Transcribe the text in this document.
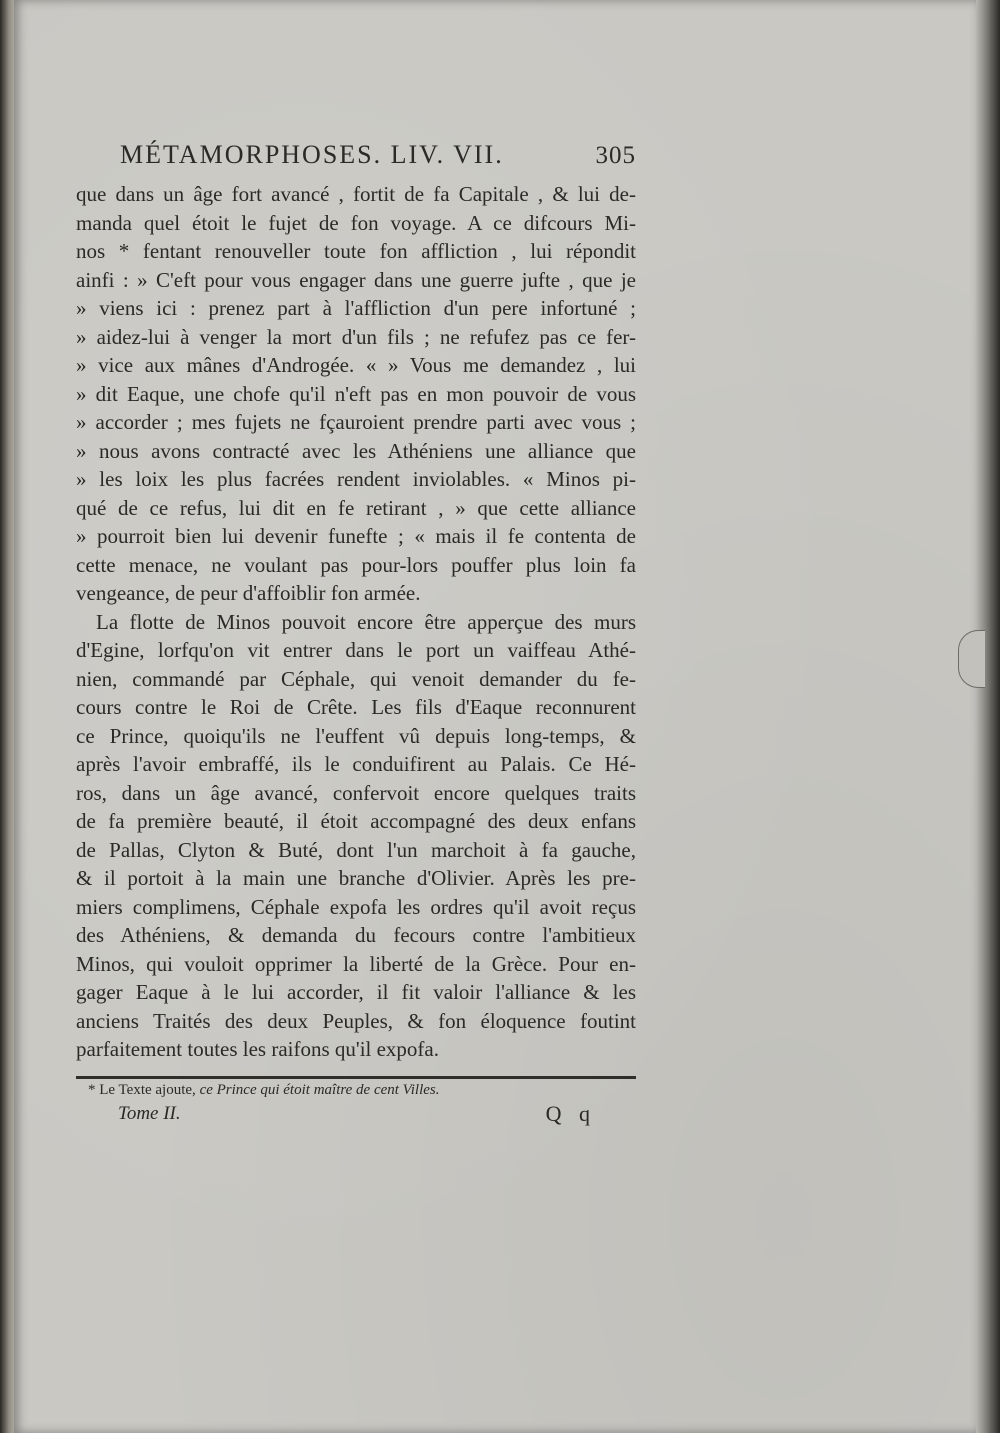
MÉTAMORPHOSES. LIV. VII.	305
que dans un âge fort avancé , fortit de fa Capitale , & lui de-
manda quel étoit le fujet de fon voyage. A ce difcours Mi-
nos * fentant renouveller toute fon affliction , lui répondit
ainfi : » C'eft pour vous engager dans une guerre jufte , que je
» viens ici : prenez part à l'affliction d'un pere infortuné ;
» aidez-lui à venger la mort d'un fils ; ne refufez pas ce fer-
» vice aux mânes d'Androgée. « » Vous me demandez , lui
» dit Eaque, une chofe qu'il n'eft pas en mon pouvoir de vous
» accorder ; mes fujets ne fçauroient prendre parti avec vous ;
» nous avons contracté avec les Athéniens une alliance que
» les loix les plus facrées rendent inviolables. « Minos pi-
qué de ce refus, lui dit en fe retirant , » que cette alliance
» pourroit bien lui devenir funefte ; « mais il fe contenta de
cette menace, ne voulant pas pour-lors pouffer plus loin fa
vengeance, de peur d'affoiblir fon armée.
La flotte de Minos pouvoit encore être apperçue des murs
d'Egine, lorfqu'on vit entrer dans le port un vaiffeau Athé-
nien, commandé par Céphale, qui venoit demander du fe-
cours contre le Roi de Crête. Les fils d'Eaque reconnurent
ce Prince, quoiqu'ils ne l'euffent vû depuis long-temps, &
après l'avoir embraffé, ils le conduifirent au Palais. Ce Hé-
ros, dans un âge avancé, confervoit encore quelques traits
de fa première beauté, il étoit accompagné des deux enfans
de Pallas, Clyton & Buté, dont l'un marchoit à fa gauche,
& il portoit à la main une branche d'Olivier. Après les pre-
miers complimens, Céphale expofa les ordres qu'il avoit reçus
des Athéniens, & demanda du fecours contre l'ambitieux
Minos, qui vouloit opprimer la liberté de la Grèce. Pour en-
gager Eaque à le lui accorder, il fit valoir l'alliance & les
anciens Traités des deux Peuples, & fon éloquence foutint
parfaitement toutes les raifons qu'il expofa.
* Le Texte ajoute, ce Prince qui étoit maître de cent Villes.
Tome II.	Q q
